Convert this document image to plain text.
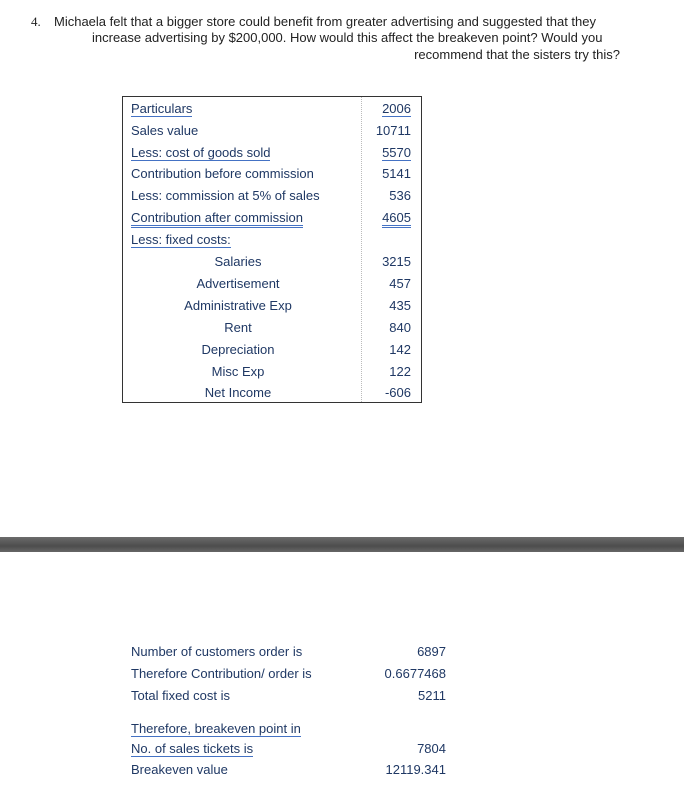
4. Michaela felt that a bigger store could benefit from greater advertising and suggested that they
increase advertising by $200,000. How would this affect the breakeven point? Would you
recommend that the sisters try this?
Particulars	2006
Sales value	10711
Less: cost of goods sold	5570
Contribution before commission	5141
Less: commission at 5% of sales	536
Contribution after commission	4605
Less: fixed costs:
Salaries	3215
Advertisement	457
Administrative Exp	435
Rent	840
Depreciation	142
Misc Exp	122
Net Income	-606
Number of customers order is	6897
Therefore Contribution/ order is	0.6677468
Total fixed cost is	5211
Therefore, breakeven point in
No. of sales tickets is	7804
Breakeven value	12119.341
